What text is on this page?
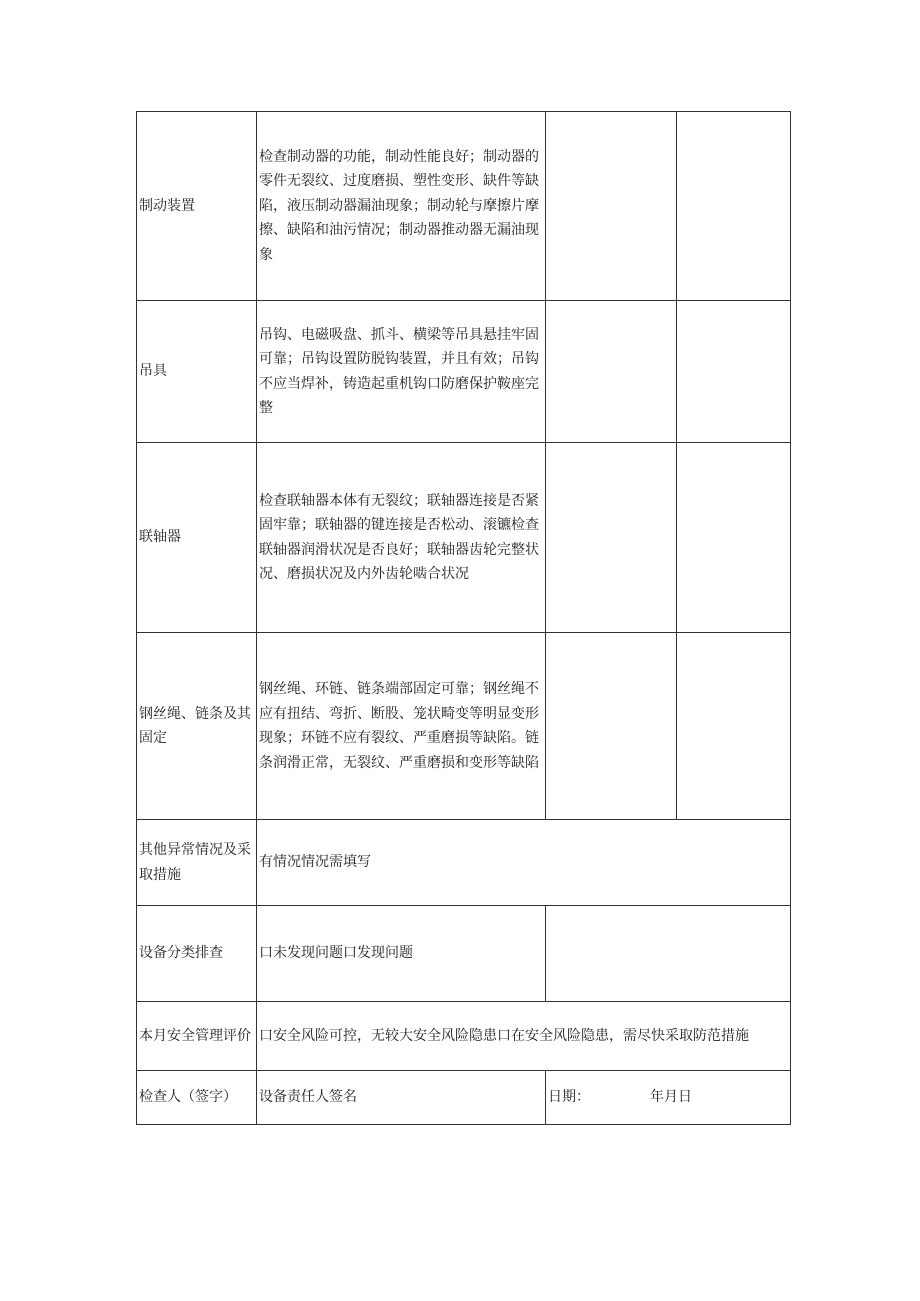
制动装置	检查制动器的功能，制动性能良好；制动器的零件无裂纹、过度磨损、塑性变形、缺件等缺陷，液压制动器漏油现象；制动轮与摩擦片摩擦、缺陷和油污情况；制动器推动器无漏油现象		
吊具	吊钩、电磁吸盘、抓斗、横梁等吊具悬挂牢固可靠；吊钩设置防脱钩装置，并且有效；吊钩不应当焊补，铸造起重机钩口防磨保护鞍座完整		
联轴器	检查联轴器本体有无裂纹；联轴器连接是否紧固牢靠；联轴器的键连接是否松动、滚镳检查联轴器润滑状况是否良好；联轴器齿轮完整状况、磨损状况及内外齿轮啮合状况		
钢丝绳、链条及其固定	钢丝绳、环链、链条端部固定可靠；钢丝绳不应有扭结、弯折、断股、笼状畸变等明显变形现象；环链不应有裂纹、严重磨损等缺陷。链条润滑正常，无裂纹、严重磨损和变形等缺陷		
其他异常情况及采取措施	有情况情况需填写		
设备分类排查	口未发现问题口发现问题		
本月安全管理评价	口安全风险可控，无较大安全风险隐患口在安全风险隐患，需尽快采取防范措施		
检查人（签字）	设备责任人签名	日期： 年月日	
